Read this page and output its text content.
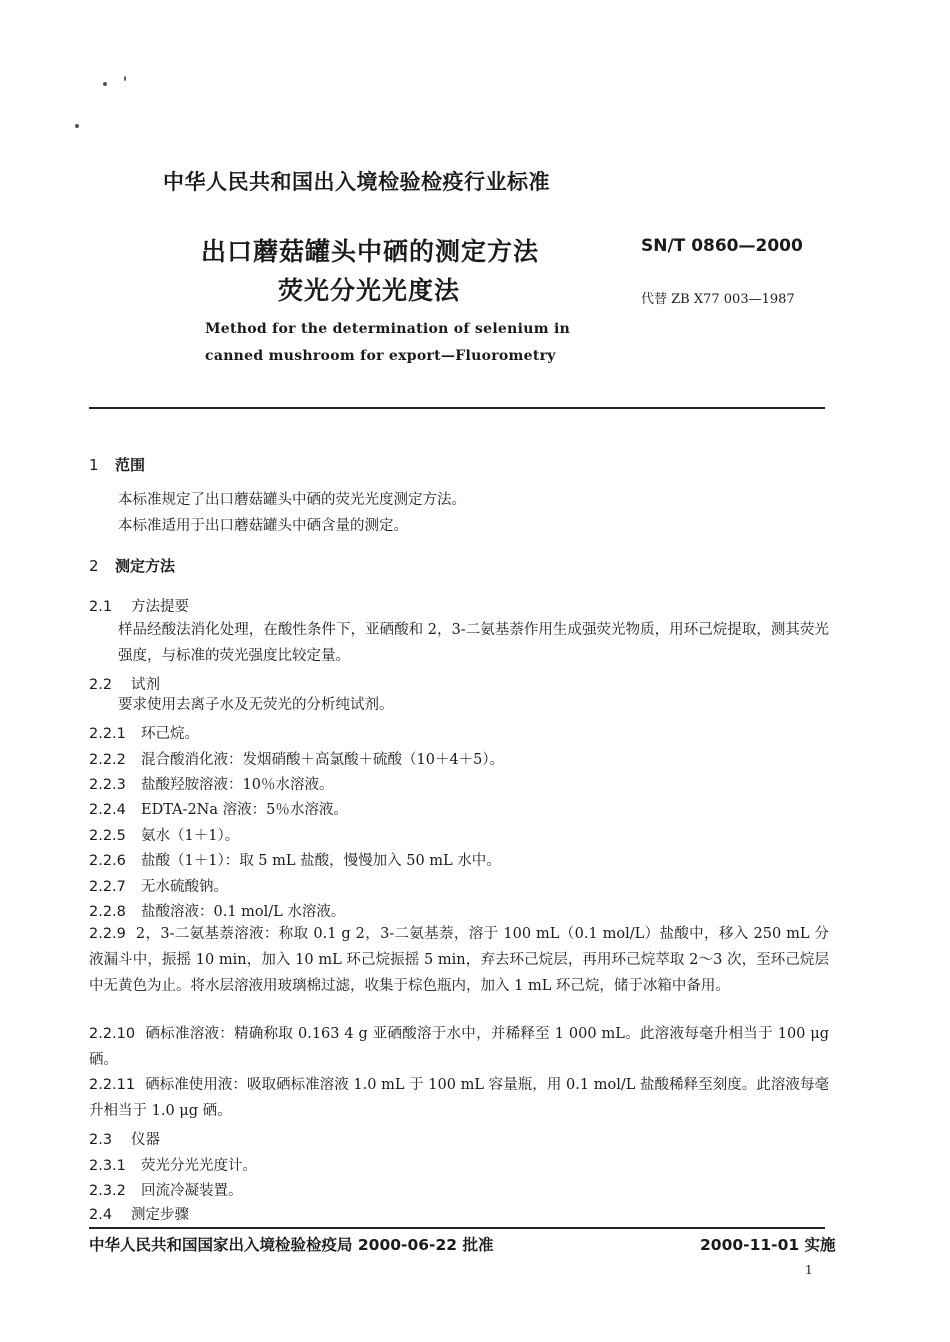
中华人民共和国出入境检验检疫行业标准
出口蘑菇罐头中硒的测定方法
荧光分光光度法
SN/T 0860—2000
代替 ZB X77 003—1987
Method for the determination of selenium in
canned mushroom for export—Fluorometry
1 范围
本标准规定了出口蘑菇罐头中硒的荧光光度测定方法。
本标准适用于出口蘑菇罐头中硒含量的测定。
2 测定方法
2.1 方法提要
样品经酸法消化处理，在酸性条件下，亚硒酸和 2，3-二氨基萘作用生成强荧光物质，用环己烷提取，测其荧光强度，与标准的荧光强度比较定量。
2.2 试剂
要求使用去离子水及无荧光的分析纯试剂。
2.2.1 环己烷。
2.2.2 混合酸消化液：发烟硝酸＋高氯酸＋硫酸（10＋4＋5）。
2.2.3 盐酸羟胺溶液：10％水溶液。
2.2.4 EDTA-2Na 溶液：5％水溶液。
2.2.5 氨水（1＋1）。
2.2.6 盐酸（1＋1）：取 5 mL 盐酸，慢慢加入 50 mL 水中。
2.2.7 无水硫酸钠。
2.2.8 盐酸溶液：0.1 mol/L 水溶液。
2.2.9 2，3-二氨基萘溶液：称取 0.1 g 2，3-二氨基萘，溶于 100 mL（0.1 mol/L）盐酸中，移入 250 mL 分液漏斗中，振摇 10 min，加入 10 mL 环己烷振摇 5 min，弃去环己烷层，再用环己烷萃取 2～3 次，至环己烷层中无黄色为止。将水层溶液用玻璃棉过滤，收集于棕色瓶内，加入 1 mL 环己烷，储于冰箱中备用。
2.2.10 硒标准溶液：精确称取 0.163 4 g 亚硒酸溶于水中，并稀释至 1 000 mL。此溶液每毫升相当于 100 μg 硒。
2.2.11 硒标准使用液：吸取硒标准溶液 1.0 mL 于 100 mL 容量瓶，用 0.1 mol/L 盐酸稀释至刻度。此溶液每毫升相当于 1.0 μg 硒。
2.3 仪器
2.3.1 荧光分光光度计。
2.3.2 回流冷凝装置。
2.4 测定步骤
中华人民共和国国家出入境检验检疫局 2000-06-22 批准	2000-11-01 实施
1
